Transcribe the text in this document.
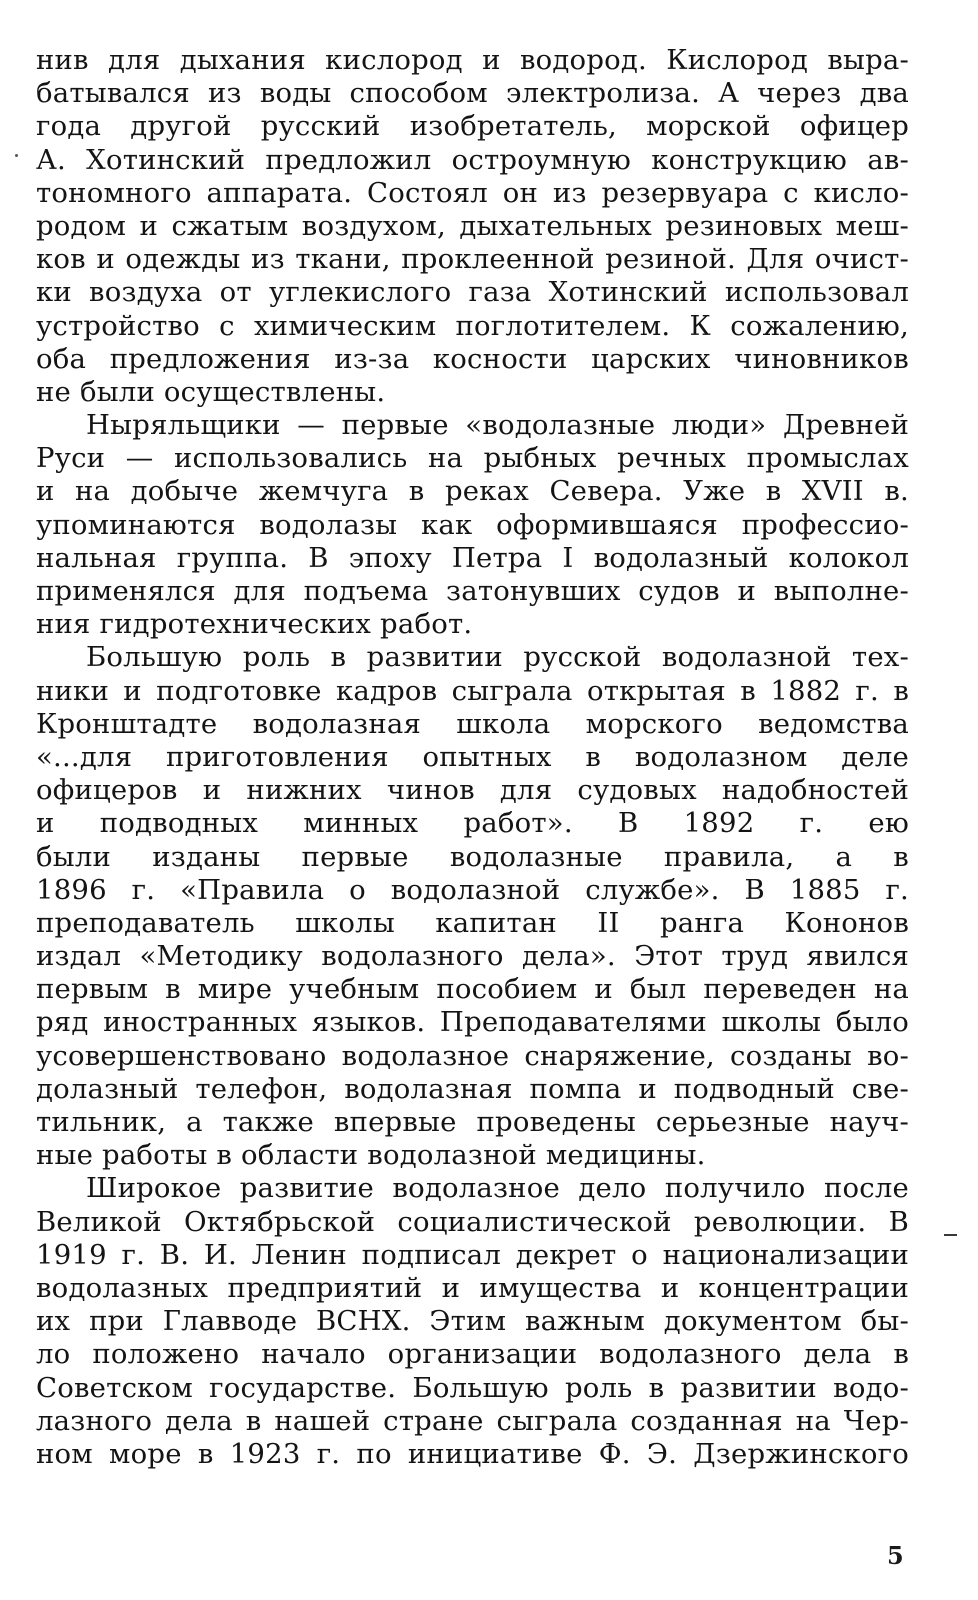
нив для дыхания кислород и водород. Кислород выра-
батывался из воды способом электролиза. А через два
года другой русский изобретатель, морской офицер
А. Хотинский предложил остроумную конструкцию ав-
тономного аппарата. Состоял он из резервуара с кисло-
родом и сжатым воздухом, дыхательных резиновых меш-
ков и одежды из ткани, проклеенной резиной. Для очист-
ки воздуха от углекислого газа Хотинский использовал
устройство с химическим поглотителем. К сожалению,
оба предложения из-за косности царских чиновников
не были осуществлены.
Ныряльщики — первые «водолазные люди» Древней
Руси — использовались на рыбных речных промыслах
и на добыче жемчуга в реках Севера. Уже в XVII в.
упоминаются водолазы как оформившаяся профессио-
нальная группа. В эпоху Петра I водолазный колокол
применялся для подъема затонувших судов и выполне-
ния гидротехнических работ.
Большую роль в развитии русской водолазной тех-
ники и подготовке кадров сыграла открытая в 1882 г. в
Кронштадте водолазная школа морского ведомства
«...для приготовления опытных в водолазном деле
офицеров и нижних чинов для судовых надобностей
и подводных минных работ». В 1892 г. ею
были изданы первые водолазные правила, а в
1896 г. «Правила о водолазной службе». В 1885 г.
преподаватель школы капитан II ранга Кононов
издал «Методику водолазного дела». Этот труд явился
первым в мире учебным пособием и был переведен на
ряд иностранных языков. Преподавателями школы было
усовершенствовано водолазное снаряжение, созданы во-
долазный телефон, водолазная помпа и подводный све-
тильник, а также впервые проведены серьезные науч-
ные работы в области водолазной медицины.
Широкое развитие водолазное дело получило после
Великой Октябрьской социалистической революции. В
1919 г. В. И. Ленин подписал декрет о национализации
водолазных предприятий и имущества и концентрации
их при Главводе ВСНХ. Этим важным документом бы-
ло положено начало организации водолазного дела в
Советском государстве. Большую роль в развитии водо-
лазного дела в нашей стране сыграла созданная на Чер-
ном море в 1923 г. по инициативе Ф. Э. Дзержинского
5
